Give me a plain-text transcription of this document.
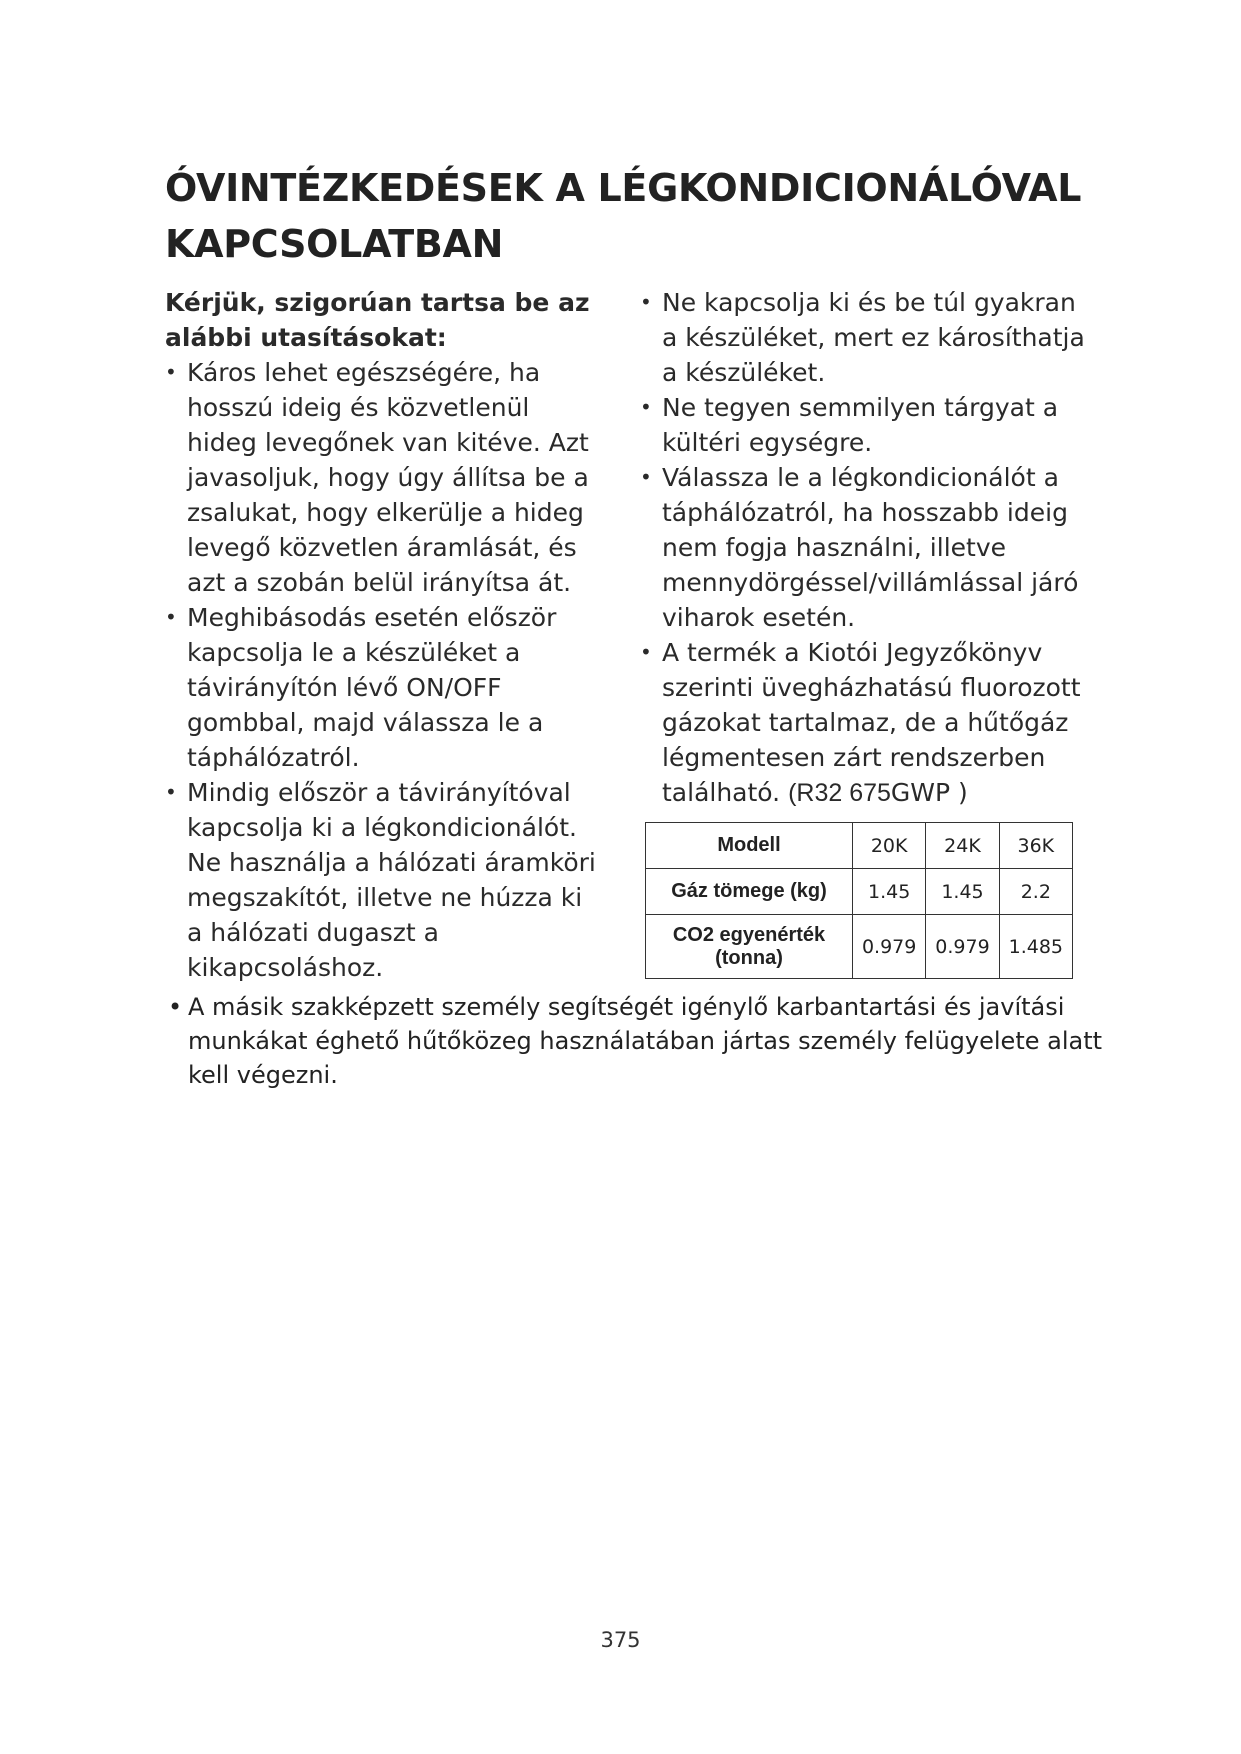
ÓVINTÉZKEDÉSEK A LÉGKONDICIONÁLÓVAL KAPCSOLATBAN

Kérjük, szigorúan tartsa be az alábbi utasításokat:

• Káros lehet egészségére, ha hosszú ideig és közvetlenül hideg levegőnek van kitéve. Azt javasoljuk, hogy úgy állítsa be a zsalukat, hogy elkerülje a hideg levegő közvetlen áramlását, és azt a szobán belül irányítsa át.
• Meghibásodás esetén először kapcsolja le a készüléket a távirányítón lévő ON/OFF gombbal, majd válassza le a táphálózatról.
• Mindig először a távirányítóval kapcsolja ki a légkondicionálót. Ne használja a hálózati áramköri megszakítót, illetve ne húzza ki a hálózati dugaszt a kikapcsoláshoz.
• Ne kapcsolja ki és be túl gyakran a készüléket, mert ez károsíthatja a készüléket.
• Ne tegyen semmilyen tárgyat a kültéri egységre.
• Válassza le a légkondicionálót a táphálózatról, ha hosszabb ideig nem fogja használni, illetve mennydörgéssel/villámlással járó viharok esetén.
• A termék a Kiotói Jegyzőkönyv szerinti üvegházhatású fluorozott gázokat tartalmaz, de a hűtőgáz légmentesen zárt rendszerben található. (R32 675GWP )
Modell	20K	24K	36K
Gáz tömege (kg)	1.45	1.45	2.2
CO2 egyenérték (tonna)	0.979	0.979	1.485
• A másik szakképzett személy segítségét igénylő karbantartási és javítási munkákat éghető hűtőközeg használatában jártas személy felügyelete alatt kell végezni.
375
